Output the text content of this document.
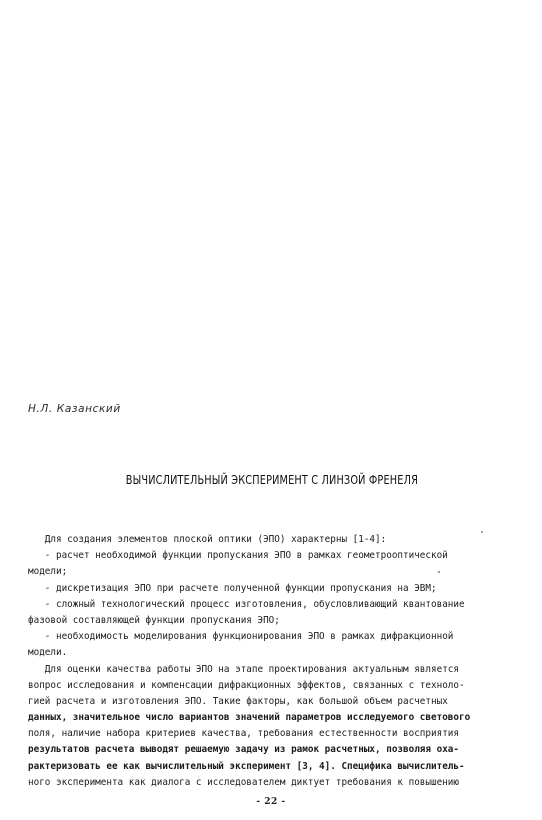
Н.Л. Казанский
ВЫЧИСЛИТЕЛЬНЫЙ ЭКСПЕРИМЕНТ С ЛИНЗОЙ ФРЕНЕЛЯ
Для создания элементов плоской оптики (ЭПО) характерны [1-4]:
- расчет необходимой функции пропускания ЭПО в рамках геометрооптической
модели;
- дискретизация ЭПО при расчете полученной функции пропускания на ЭВМ;
- сложный технологический процесс изготовления, обусловливающий квантование
фазовой составляющей функции пропускания ЭПО;
- необходимость моделирования функционирования ЭПО в рамках дифракционной
модели.
Для оценки качества работы ЭПО на этапе проектирования актуальным является
вопрос исследования и компенсации дифракционных эффектов, связанных с техноло-
гией расчета и изготовления ЭПО. Такие факторы, как большой объем расчетных
данных, значительное число вариантов значений параметров исследуемого светового
поля, наличие набора критериев качества, требования естественности восприятия
результатов расчета выводят решаемую задачу из рамок расчетных, позволяя оха-
рактеризовать ее как вычислительный эксперимент [3, 4]. Специфика вычислитель-
ного эксперимента как диалога с исследователем диктует требования к повышению
- 22 -
